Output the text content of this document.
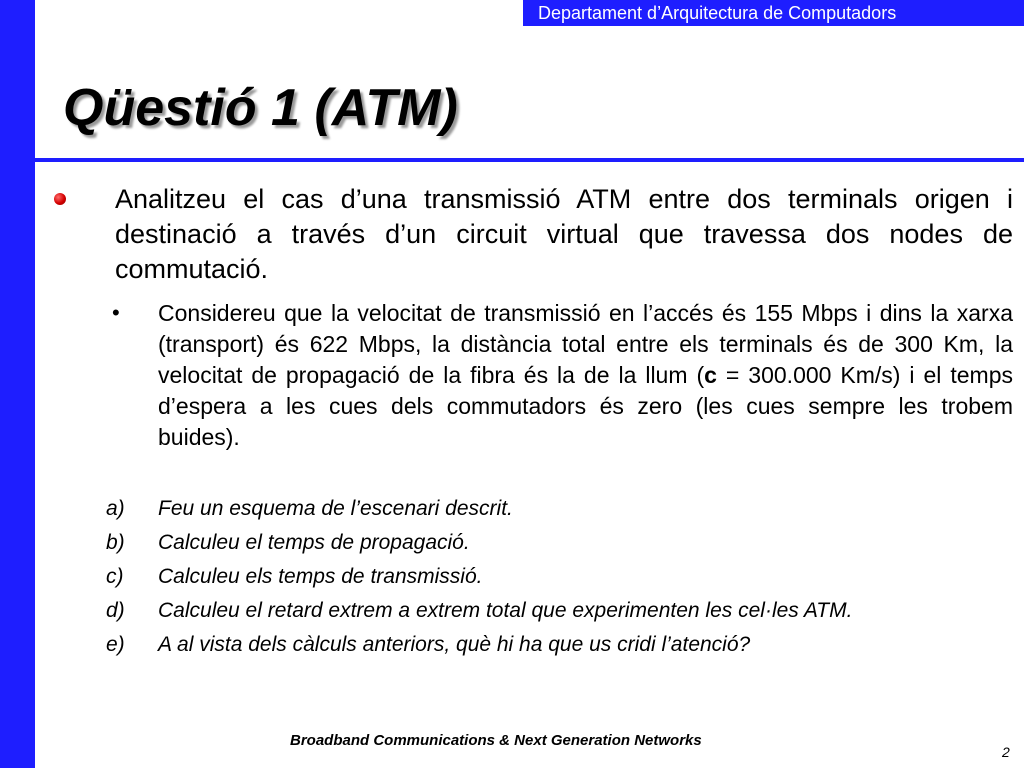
Departament d’Arquitectura de Computadors
Qüestió 1 (ATM)

Analitzeu el cas d’una transmissió ATM entre dos terminals origen i destinació a través d’un circuit virtual que travessa dos nodes de commutació.

• Considereu que la velocitat de transmissió en l’accés és 155 Mbps i dins la xarxa (transport) és 622 Mbps, la distància total entre els terminals és de 300 Km, la velocitat de propagació de la fibra és la de la llum (c = 300.000 Km/s) i el temps d’espera a les cues dels commutadors és zero (les cues sempre les trobem buides).

a)	Feu un esquema de l’escenari descrit.
b)	Calculeu el temps de propagació.
c)	Calculeu els temps de transmissió.
d)	Calculeu el retard extrem a extrem total que experimenten les cel·les ATM.
e)	A al vista dels càlculs anteriors, què hi ha que us cridi l’atenció?
Broadband Communications & Next Generation Networks
2
